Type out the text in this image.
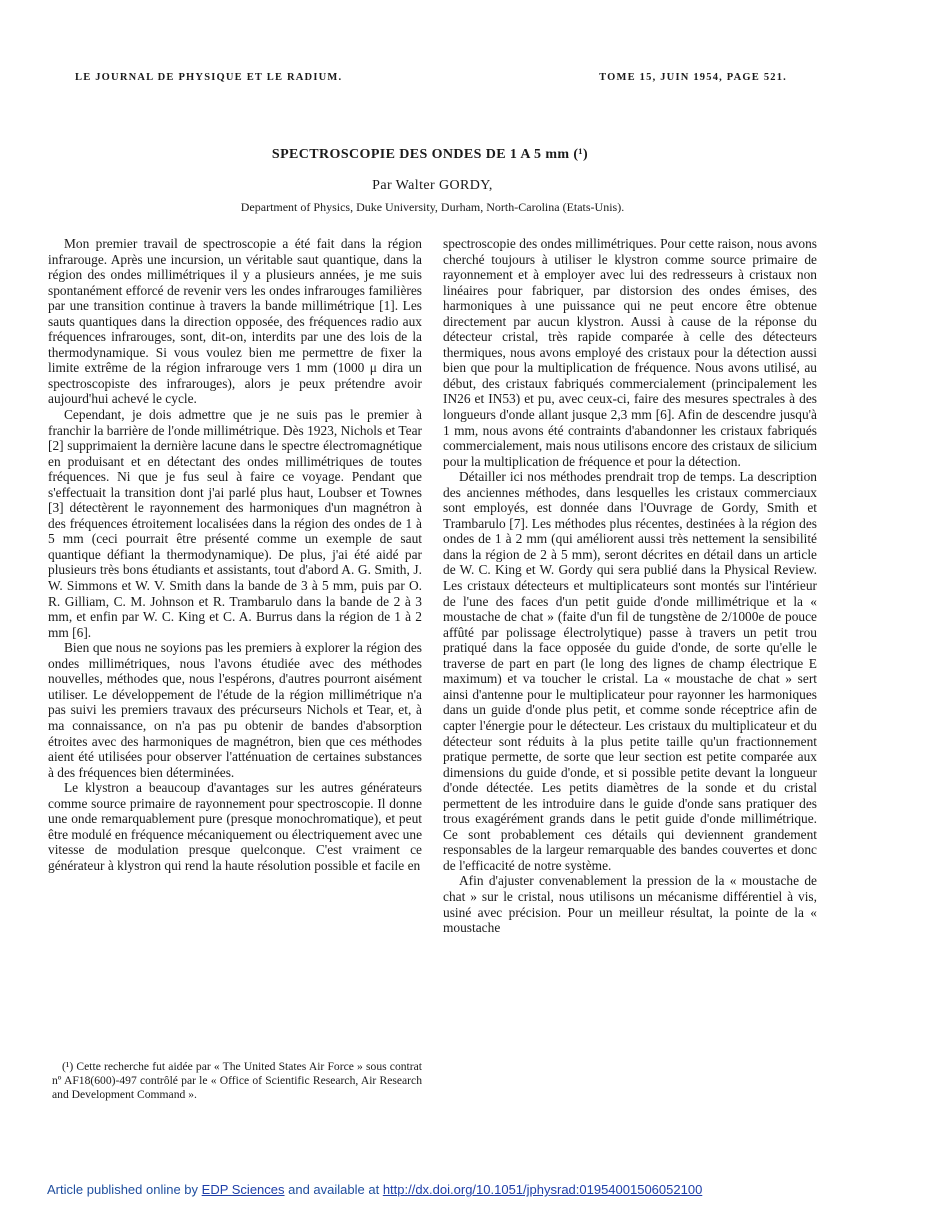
LE JOURNAL DE PHYSIQUE ET LE RADIUM.	TOME 15, JUIN 1954, PAGE 521.
SPECTROSCOPIE DES ONDES DE 1 A 5 mm (¹)
Par Walter GORDY,
Department of Physics, Duke University, Durham, North-Carolina (Etats-Unis).

Mon premier travail de spectroscopie a été fait dans la région infrarouge. Après une incursion, un véritable saut quantique, dans la région des ondes millimétriques il y a plusieurs années, je me suis spontanément efforcé de revenir vers les ondes infrarouges familières par une transition continue à travers la bande millimétrique [1]. Les sauts quantiques dans la direction opposée, des fréquences radio aux fréquences infrarouges, sont, dit-on, interdits par une des lois de la thermodynamique. Si vous voulez bien me permettre de fixer la limite extrême de la région infrarouge vers 1 mm (1000 μ dira un spectroscopiste des infrarouges), alors je peux prétendre avoir aujourd'hui achevé le cycle.

Cependant, je dois admettre que je ne suis pas le premier à franchir la barrière de l'onde millimétrique. Dès 1923, Nichols et Tear [2] supprimaient la dernière lacune dans le spectre électromagnétique en produisant et en détectant des ondes millimétriques de toutes fréquences. Ni que je fus seul à faire ce voyage. Pendant que s'effectuait la transition dont j'ai parlé plus haut, Loubser et Townes [3] détectèrent le rayonnement des harmoniques d'un magnétron à des fréquences étroitement localisées dans la région des ondes de 1 à 5 mm (ceci pourrait être présenté comme un exemple de saut quantique défiant la thermodynamique). De plus, j'ai été aidé par plusieurs très bons étudiants et assistants, tout d'abord A. G. Smith, J. W. Simmons et W. V. Smith dans la bande de 3 à 5 mm, puis par O. R. Gilliam, C. M. Johnson et R. Trambarulo dans la bande de 2 à 3 mm, et enfin par W. C. King et C. A. Burrus dans la région de 1 à 2 mm [6].

Bien que nous ne soyions pas les premiers à explorer la région des ondes millimétriques, nous l'avons étudiée avec des méthodes nouvelles, méthodes que, nous l'espérons, d'autres pourront aisément utiliser. Le développement de l'étude de la région millimétrique n'a pas suivi les premiers travaux des précurseurs Nichols et Tear, et, à ma connaissance, on n'a pas pu obtenir de bandes d'absorption étroites avec des harmoniques de magnétron, bien que ces méthodes aient été utilisées pour observer l'atténuation de certaines substances à des fréquences bien déterminées.

Le klystron a beaucoup d'avantages sur les autres générateurs comme source primaire de rayonnement pour spectroscopie. Il donne une onde remarquablement pure (presque monochromatique), et peut être modulé en fréquence mécaniquement ou électriquement avec une vitesse de modulation presque quelconque. C'est vraiment ce générateur à klystron qui rend la haute résolution possible et facile en

spectroscopie des ondes millimétriques. Pour cette raison, nous avons cherché toujours à utiliser le klystron comme source primaire de rayonnement et à employer avec lui des redresseurs à cristaux non linéaires pour fabriquer, par distorsion des ondes émises, des harmoniques à une puissance qui ne peut encore être obtenue directement par aucun klystron. Aussi à cause de la réponse du détecteur cristal, très rapide comparée à celle des détecteurs thermiques, nous avons employé des cristaux pour la détection aussi bien que pour la multiplication de fréquence. Nous avons utilisé, au début, des cristaux fabriqués commercialement (principalement les IN26 et IN53) et pu, avec ceux-ci, faire des mesures spectrales à des longueurs d'onde allant jusque 2,3 mm [6]. Afin de descendre jusqu'à 1 mm, nous avons été contraints d'abandonner les cristaux fabriqués commercialement, mais nous utilisons encore des cristaux de silicium pour la multiplication de fréquence et pour la détection.

Détailler ici nos méthodes prendrait trop de temps. La description des anciennes méthodes, dans lesquelles les cristaux commerciaux sont employés, est donnée dans l'Ouvrage de Gordy, Smith et Trambarulo [7]. Les méthodes plus récentes, destinées à la région des ondes de 1 à 2 mm (qui améliorent aussi très nettement la sensibilité dans la région de 2 à 5 mm), seront décrites en détail dans un article de W. C. King et W. Gordy qui sera publié dans la Physical Review. Les cristaux détecteurs et multiplicateurs sont montés sur l'intérieur de l'une des faces d'un petit guide d'onde millimétrique et la « moustache de chat » (faite d'un fil de tungstène de 2/1000e de pouce affûté par polissage électrolytique) passe à travers un petit trou pratiqué dans la face opposée du guide d'onde, de sorte qu'elle le traverse de part en part (le long des lignes de champ électrique E maximum) et va toucher le cristal. La « moustache de chat » sert ainsi d'antenne pour le multiplicateur pour rayonner les harmoniques dans un guide d'onde plus petit, et comme sonde réceptrice afin de capter l'énergie pour le détecteur. Les cristaux du multiplicateur et du détecteur sont réduits à la plus petite taille qu'un fractionnement pratique permette, de sorte que leur section est petite comparée aux dimensions du guide d'onde, et si possible petite devant la longueur d'onde détectée. Les petits diamètres de la sonde et du cristal permettent de les introduire dans le guide d'onde sans pratiquer des trous exagérément grands dans le petit guide d'onde millimétrique. Ce sont probablement ces détails qui deviennent grandement responsables de la largeur remarquable des bandes couvertes et donc de l'efficacité de notre système.

Afin d'ajuster convenablement la pression de la « moustache de chat » sur le cristal, nous utilisons un mécanisme différentiel à vis, usiné avec précision. Pour un meilleur résultat, la pointe de la « moustache

(¹) Cette recherche fut aidée par « The United States Air Force » sous contrat nº AF18(600)-497 contrôlé par le « Office of Scientific Research, Air Research and Development Command ».
Article published online by EDP Sciences and available at http://dx.doi.org/10.1051/jphysrad:01954001506052100
